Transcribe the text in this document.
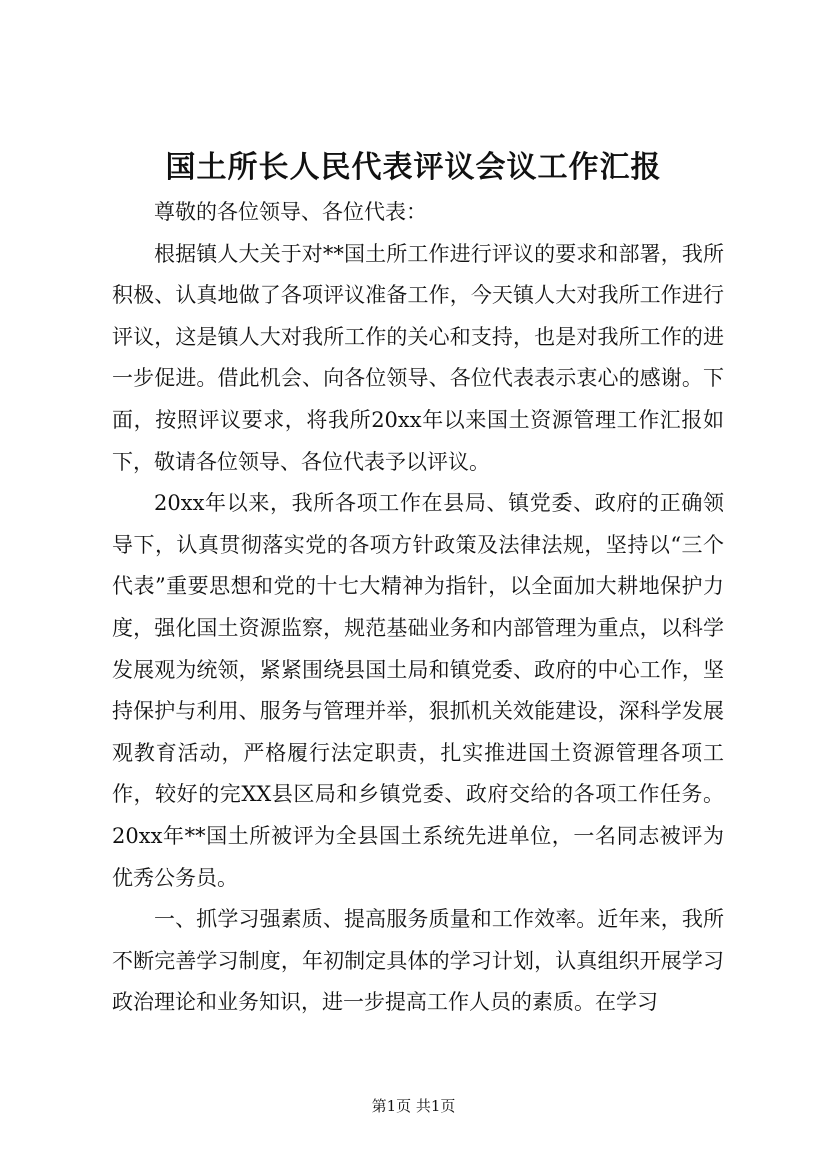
国土所长人民代表评议会议工作汇报

尊敬的各位领导、各位代表：

根据镇人大关于对**国土所工作进行评议的要求和部署，我所积极、认真地做了各项评议准备工作，今天镇人大对我所工作进行评议，这是镇人大对我所工作的关心和支持，也是对我所工作的进一步促进。借此机会、向各位领导、各位代表表示衷心的感谢。下面，按照评议要求，将我所20xx年以来国土资源管理工作汇报如下，敬请各位领导、各位代表予以评议。

20xx年以来，我所各项工作在县局、镇党委、政府的正确领导下，认真贯彻落实党的各项方针政策及法律法规，坚持以“三个代表”重要思想和党的十七大精神为指针，以全面加大耕地保护力度，强化国土资源监察，规范基础业务和内部管理为重点，以科学发展观为统领，紧紧围绕县国土局和镇党委、政府的中心工作，坚持保护与利用、服务与管理并举，狠抓机关效能建设，深科学发展观教育活动，严格履行法定职责，扎实推进国土资源管理各项工作，较好的完XX县区局和乡镇党委、政府交给的各项工作任务。20xx年**国土所被评为全县国土系统先进单位，一名同志被评为优秀公务员。

一、抓学习强素质、提高服务质量和工作效率。近年来，我所不断完善学习制度，年初制定具体的学习计划，认真组织开展学习政治理论和业务知识，进一步提高工作人员的素质。在学习

第1页 共1页
